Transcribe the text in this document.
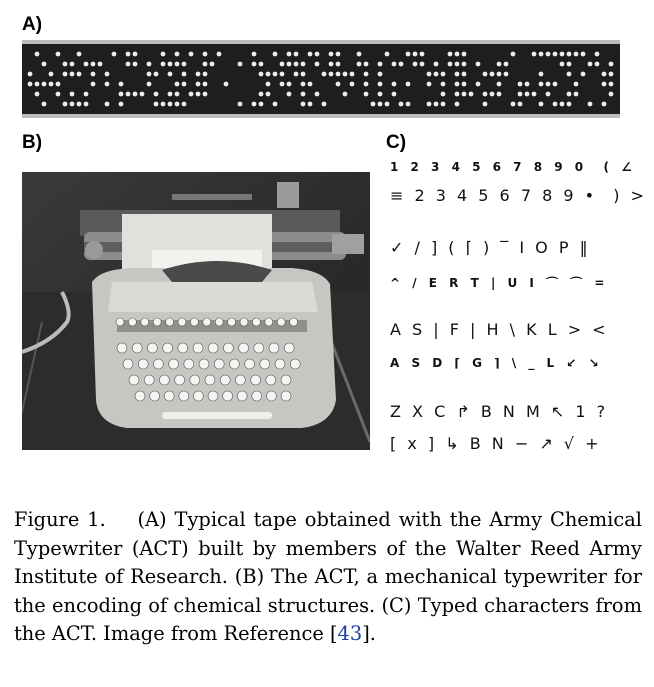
A)
B)	C)
1 2 3 4 5 6 7 8 9 0  ( ∠
≡ 2 3 4 5 6 7 8 9 •  ) >
✓ / ] ( ⌈ ) ‾ I O P ‖
^ / E R T | U I ⌒ ⌒ =
A S | F | H \ K L > <
A S D ⌈ G ⌉ \ _ L ↙ ↘
Z X C ↱ B N M ↖ 1 ?
[ x ] ↳ B N − ↗ √ +
Figure 1.    (A) Typical tape obtained with the Army Chemical Typewriter (ACT) built by members of the Walter Reed Army Institute of Research. (B) The ACT, a mechanical typewriter for the encoding of chemical structures. (C) Typed characters from the ACT. Image from Reference [43].
